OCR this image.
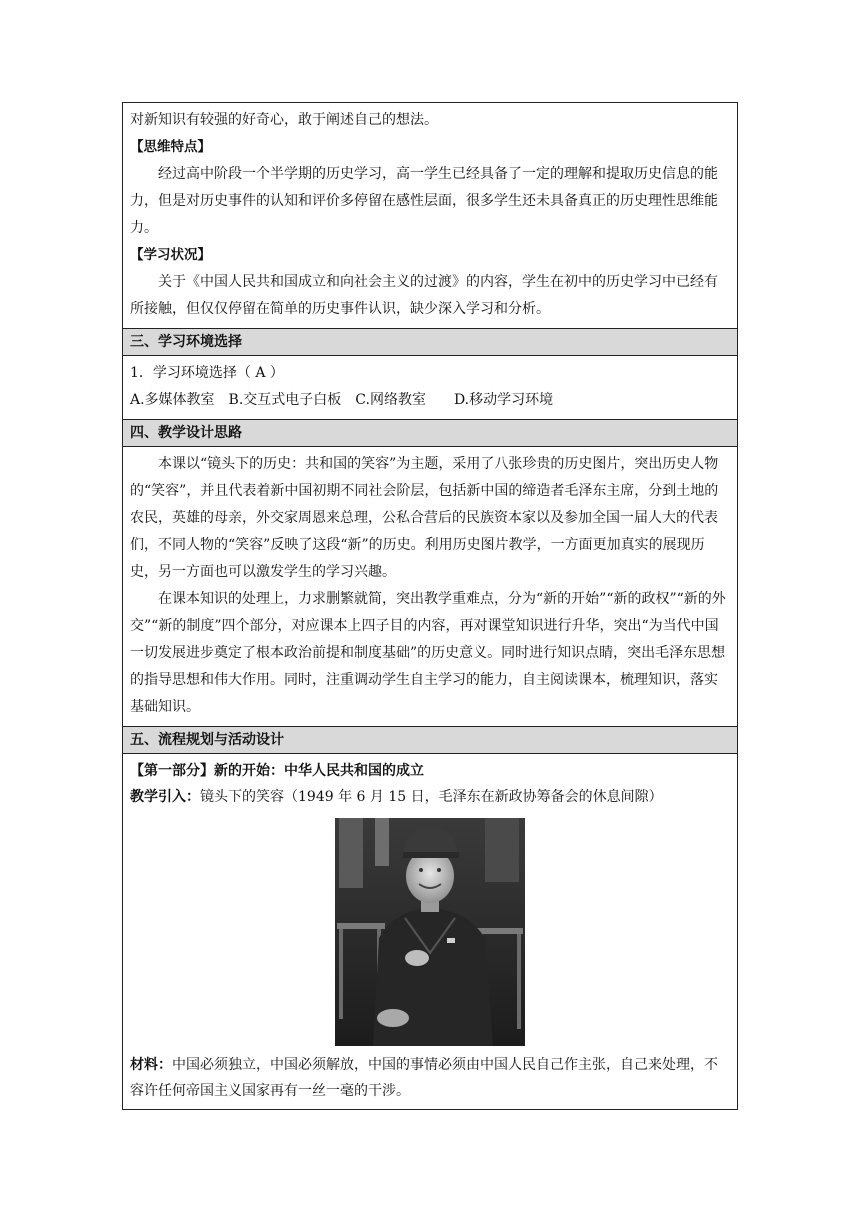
对新知识有较强的好奇心，敢于阐述自己的想法。

【思维特点】

经过高中阶段一个半学期的历史学习，高一学生已经具备了一定的理解和提取历史信息的能力，但是对历史事件的认知和评价多停留在感性层面，很多学生还未具备真正的历史理性思维能力。

【学习状况】

关于《中国人民共和国成立和向社会主义的过渡》的内容，学生在初中的历史学习中已经有所接触，但仅仅停留在简单的历史事件认识，缺少深入学习和分析。

三、学习环境选择

1．学习环境选择（ A ）

A.多媒体教室　B.交互式电子白板　C.网络教室　　D.移动学习环境

四、教学设计思路

本课以“镜头下的历史：共和国的笑容”为主题，采用了八张珍贵的历史图片，突出历史人物的“笑容”，并且代表着新中国初期不同社会阶层，包括新中国的缔造者毛泽东主席，分到土地的农民，英雄的母亲，外交家周恩来总理，公私合营后的民族资本家以及参加全国一届人大的代表们，不同人物的“笑容”反映了这段“新”的历史。利用历史图片教学，一方面更加真实的展现历史，另一方面也可以激发学生的学习兴趣。

在课本知识的处理上，力求删繁就简，突出教学重难点，分为“新的开始”“新的政权”“新的外交”“新的制度”四个部分，对应课本上四子目的内容，再对课堂知识进行升华，突出“为当代中国一切发展进步奠定了根本政治前提和制度基础”的历史意义。同时进行知识点睛，突出毛泽东思想的指导思想和伟大作用。同时，注重调动学生自主学习的能力，自主阅读课本，梳理知识，落实基础知识。

五、流程规划与活动设计

【第一部分】新的开始：中华人民共和国的成立

教学引入：镜头下的笑容（1949 年 6 月 15 日，毛泽东在新政协筹备会的休息间隙）

材料：中国必须独立，中国必须解放，中国的事情必须由中国人民自己作主张，自己来处理，不容许任何帝国主义国家再有一丝一毫的干涉。
